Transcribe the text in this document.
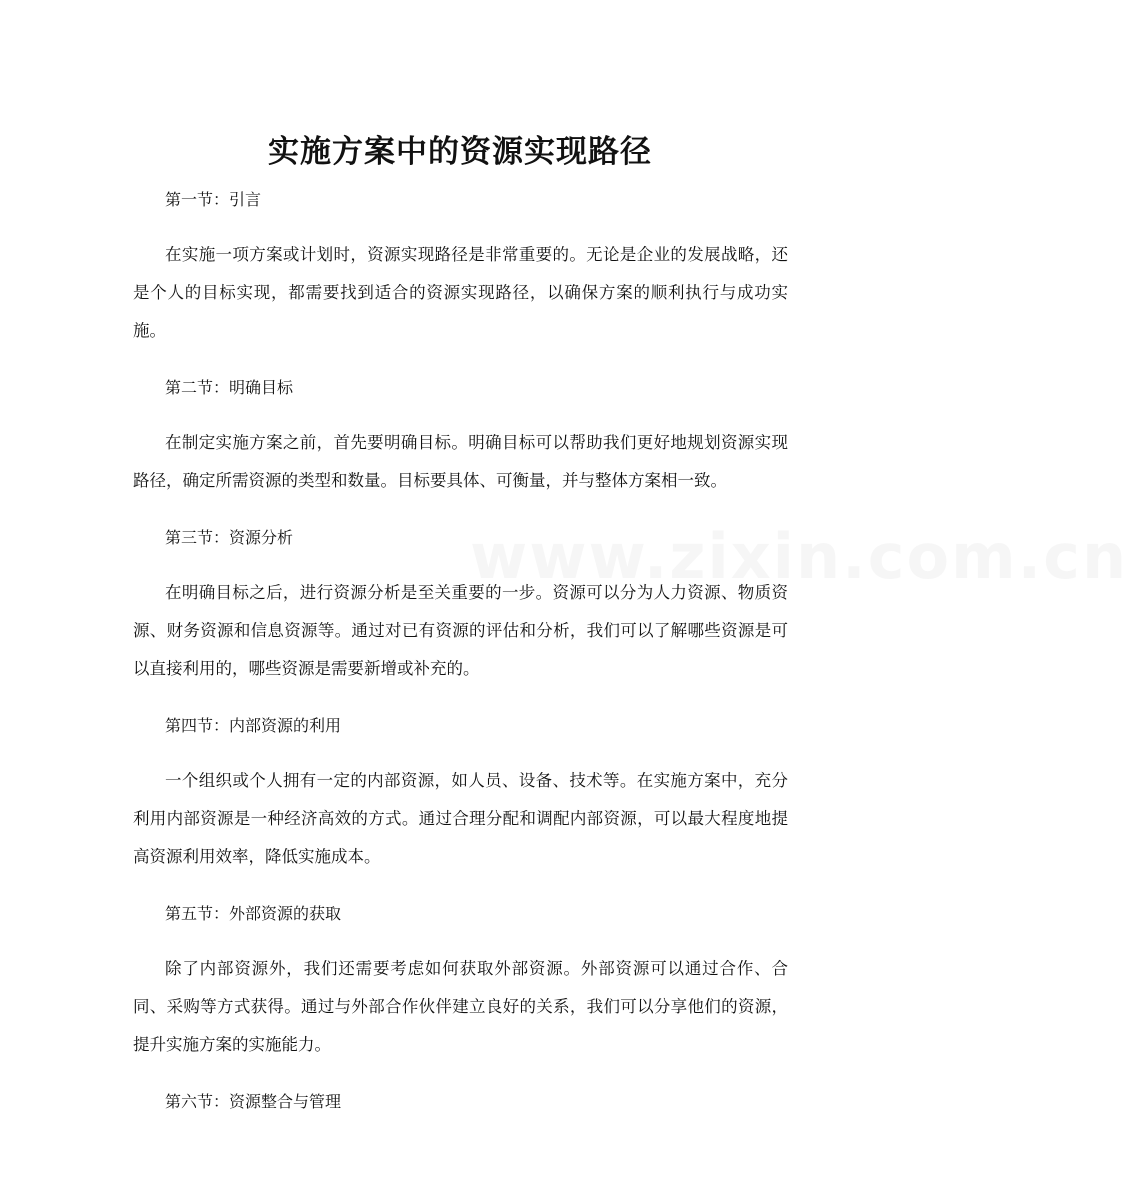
www.zixin.com.cn
实施方案中的资源实现路径

第一节：引言

在实施一项方案或计划时，资源实现路径是非常重要的。无论是企业的发展战略，还是个人的目标实现，都需要找到适合的资源实现路径，以确保方案的顺利执行与成功实施。

第二节：明确目标

在制定实施方案之前，首先要明确目标。明确目标可以帮助我们更好地规划资源实现路径，确定所需资源的类型和数量。目标要具体、可衡量，并与整体方案相一致。

第三节：资源分析

在明确目标之后，进行资源分析是至关重要的一步。资源可以分为人力资源、物质资源、财务资源和信息资源等。通过对已有资源的评估和分析，我们可以了解哪些资源是可以直接利用的，哪些资源是需要新增或补充的。

第四节：内部资源的利用

一个组织或个人拥有一定的内部资源，如人员、设备、技术等。在实施方案中，充分利用内部资源是一种经济高效的方式。通过合理分配和调配内部资源，可以最大程度地提高资源利用效率，降低实施成本。

第五节：外部资源的获取

除了内部资源外，我们还需要考虑如何获取外部资源。外部资源可以通过合作、合同、采购等方式获得。通过与外部合作伙伴建立良好的关系，我们可以分享他们的资源，提升实施方案的实施能力。

第六节：资源整合与管理
